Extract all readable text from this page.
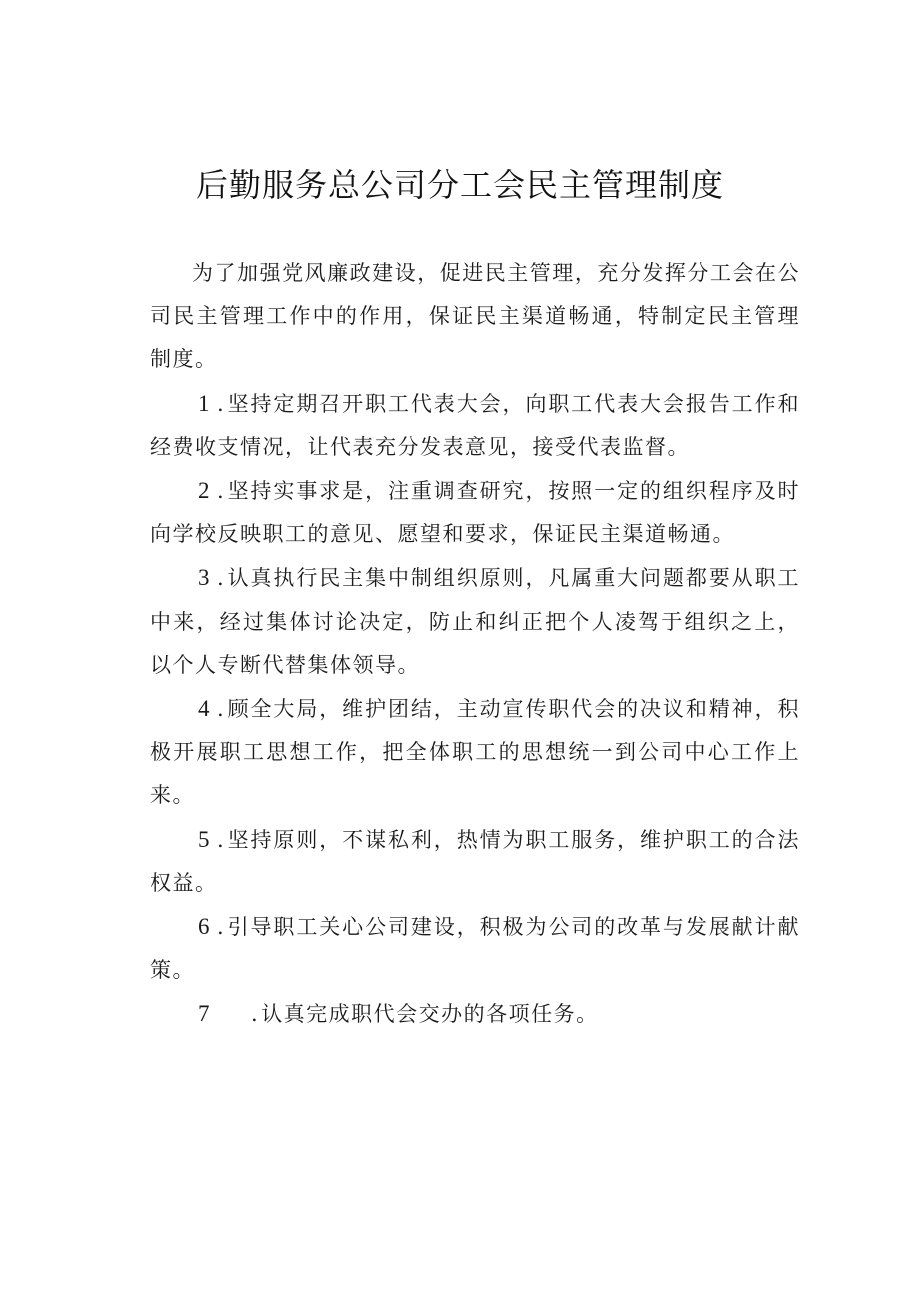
后勤服务总公司分工会民主管理制度

为了加强党风廉政建设，促进民主管理，充分发挥分工会在公司民主管理工作中的作用，保证民主渠道畅通，特制定民主管理制度。

1 .坚持定期召开职工代表大会，向职工代表大会报告工作和经费收支情况，让代表充分发表意见，接受代表监督。

2 .坚持实事求是，注重调查研究，按照一定的组织程序及时向学校反映职工的意见、愿望和要求，保证民主渠道畅通。

3 .认真执行民主集中制组织原则，凡属重大问题都要从职工中来，经过集体讨论决定，防止和纠正把个人凌驾于组织之上，以个人专断代替集体领导。

4 .顾全大局，维护团结，主动宣传职代会的决议和精神，积极开展职工思想工作，把全体职工的思想统一到公司中心工作上来。

5 .坚持原则，不谋私利，热情为职工服务，维护职工的合法权益。

6 .引导职工关心公司建设，积极为公司的改革与发展献计献策。

7 .认真完成职代会交办的各项任务。
